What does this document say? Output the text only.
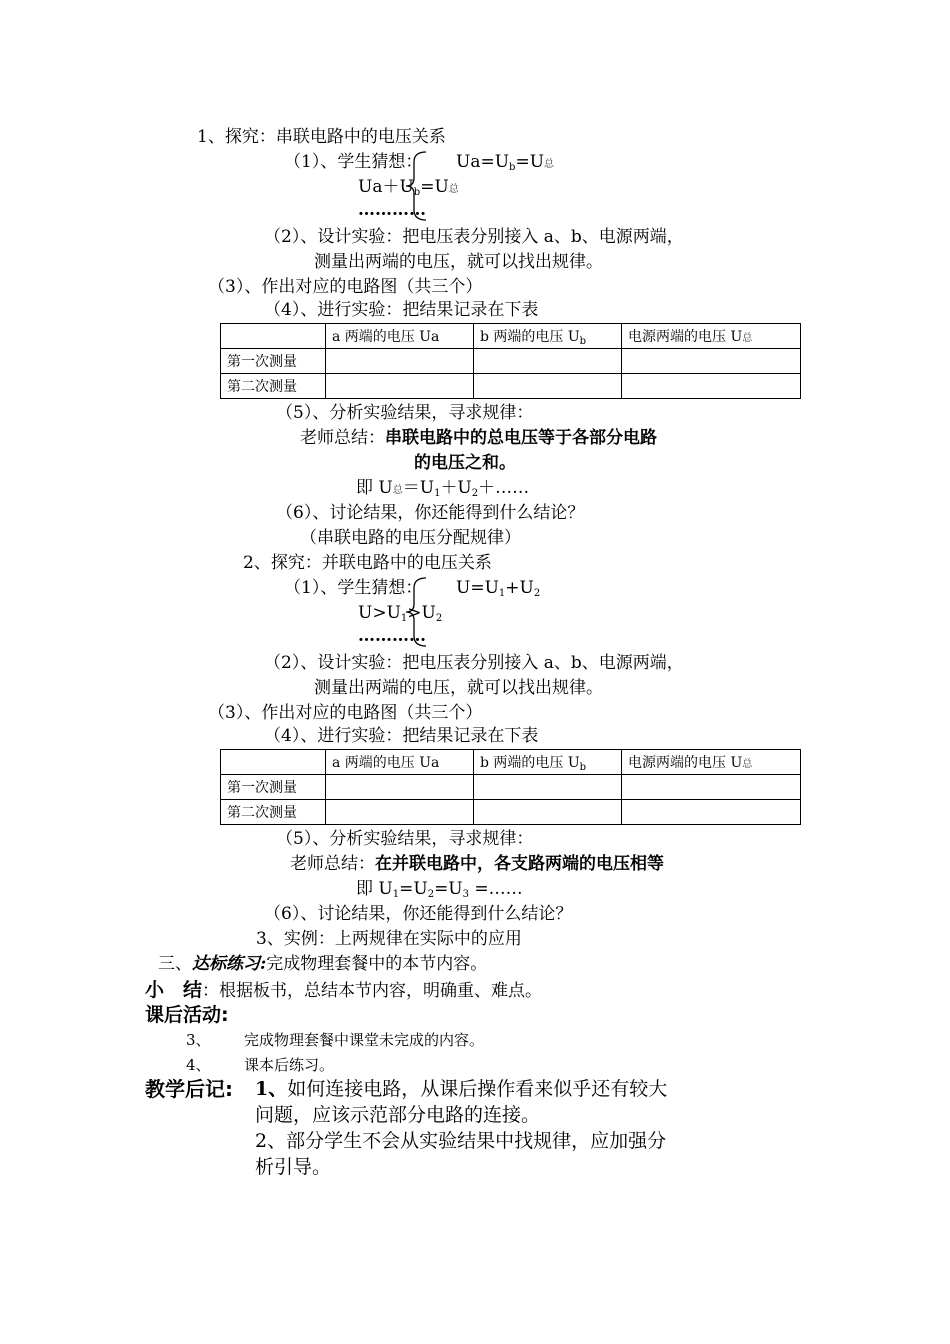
1、探究：串联电路中的电压关系
（1）、学生猜想： $Ua=U_b=U$总
$Ua+U_b=U$总
…………
（2）、设计实验：把电压表分别接入 a、b、电源两端，
测量出两端的电压，就可以找出规律。
（3）、作出对应的电路图（共三个）
（4）、进行实验：把结果记录在下表
	a 两端的电压 Ua	b 两端的电压 $U_b$	电源两端的电压 U总
第一次测量			
第二次测量			
（5）、分析实验结果，寻求规律：
老师总结：串联电路中的总电压等于各部分电路
的电压之和。
即 U总$=U_1+U_2+\dots\dots$
（6）、讨论结果，你还能得到什么结论？
（串联电路的电压分配规律）
2、探究：并联电路中的电压关系
（1）、学生猜想： $U=U_1+U_2$
$U>U_1>U_2$
…………
（2）、设计实验：把电压表分别接入 a、b、电源两端，
测量出两端的电压，就可以找出规律。
（3）、作出对应的电路图（共三个）
（4）、进行实验：把结果记录在下表
	a 两端的电压 Ua	b 两端的电压 $U_b$	电源两端的电压 U总
第一次测量			
第二次测量			
（5）、分析实验结果，寻求规律：
老师总结：在并联电路中，各支路两端的电压相等
即 $U_1=U_2=U_3$ =……
（6）、讨论结果，你还能得到什么结论？
3、实例：上两规律在实际中的应用
三、达标练习:完成物理套餐中的本节内容。
小　结：根据板书，总结本节内容，明确重、难点。
课后活动:
3、 完成物理套餐中课堂未完成的内容。
4、 课本后练习。
教学后记: 1、如何连接电路，从课后操作看来似乎还有较大
问题，应该示范部分电路的连接。
2、部分学生不会从实验结果中找规律，应加强分
析引导。
